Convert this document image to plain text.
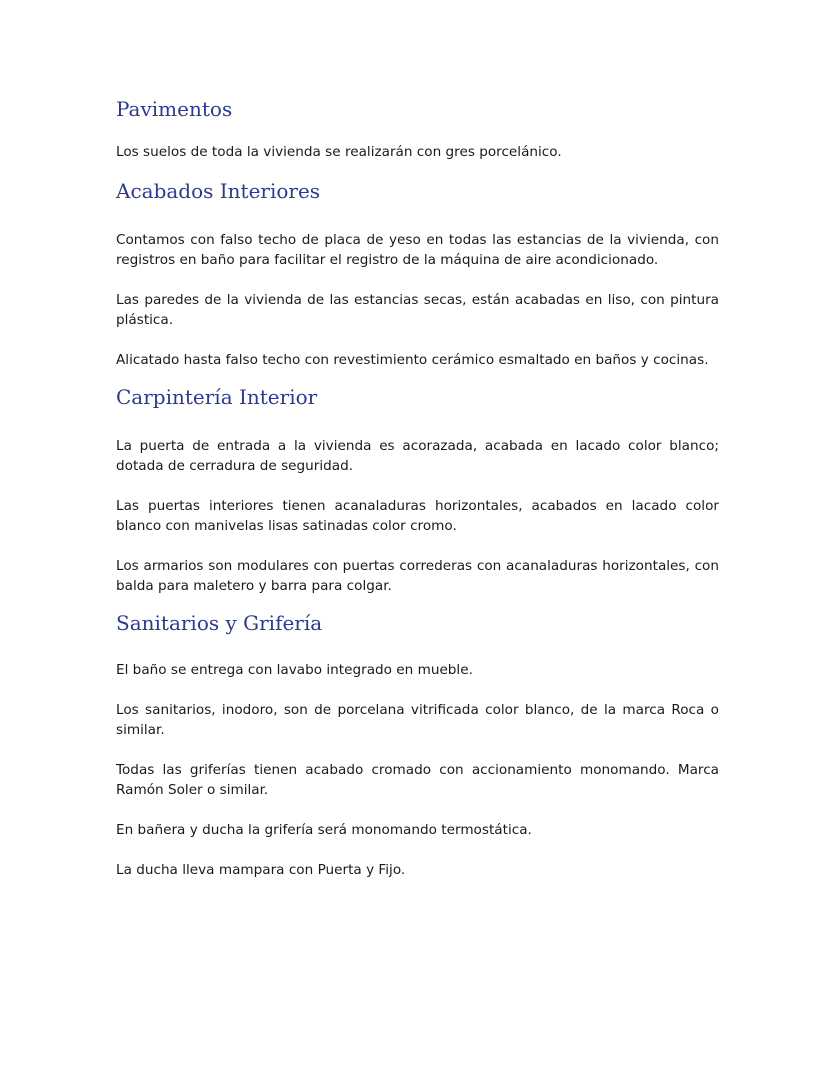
Pavimentos

Los suelos de toda la vivienda se realizarán con gres porcelánico.

Acabados Interiores

Contamos con falso techo de placa de yeso en todas las estancias de la vivienda, con registros en baño para facilitar el registro de la máquina de aire acondicionado.

Las paredes de la vivienda de las estancias secas, están acabadas en liso, con pintura plástica.

Alicatado hasta falso techo con revestimiento cerámico esmaltado en baños y cocinas.

Carpintería Interior

La puerta de entrada a la vivienda es acorazada, acabada en lacado color blanco; dotada de cerradura de seguridad.

Las puertas interiores tienen acanaladuras horizontales, acabados en lacado color blanco con manivelas lisas satinadas color cromo.

Los armarios son modulares con puertas correderas con acanaladuras horizontales, con balda para maletero y barra para colgar.

Sanitarios y Grifería

El baño se entrega con lavabo integrado en mueble.

Los sanitarios, inodoro, son de porcelana vitrificada color blanco, de la marca Roca o similar.

Todas las griferías tienen acabado cromado con accionamiento monomando. Marca Ramón Soler o similar.

En bañera y ducha la grifería será monomando termostática.

La ducha lleva mampara con Puerta y Fijo.
